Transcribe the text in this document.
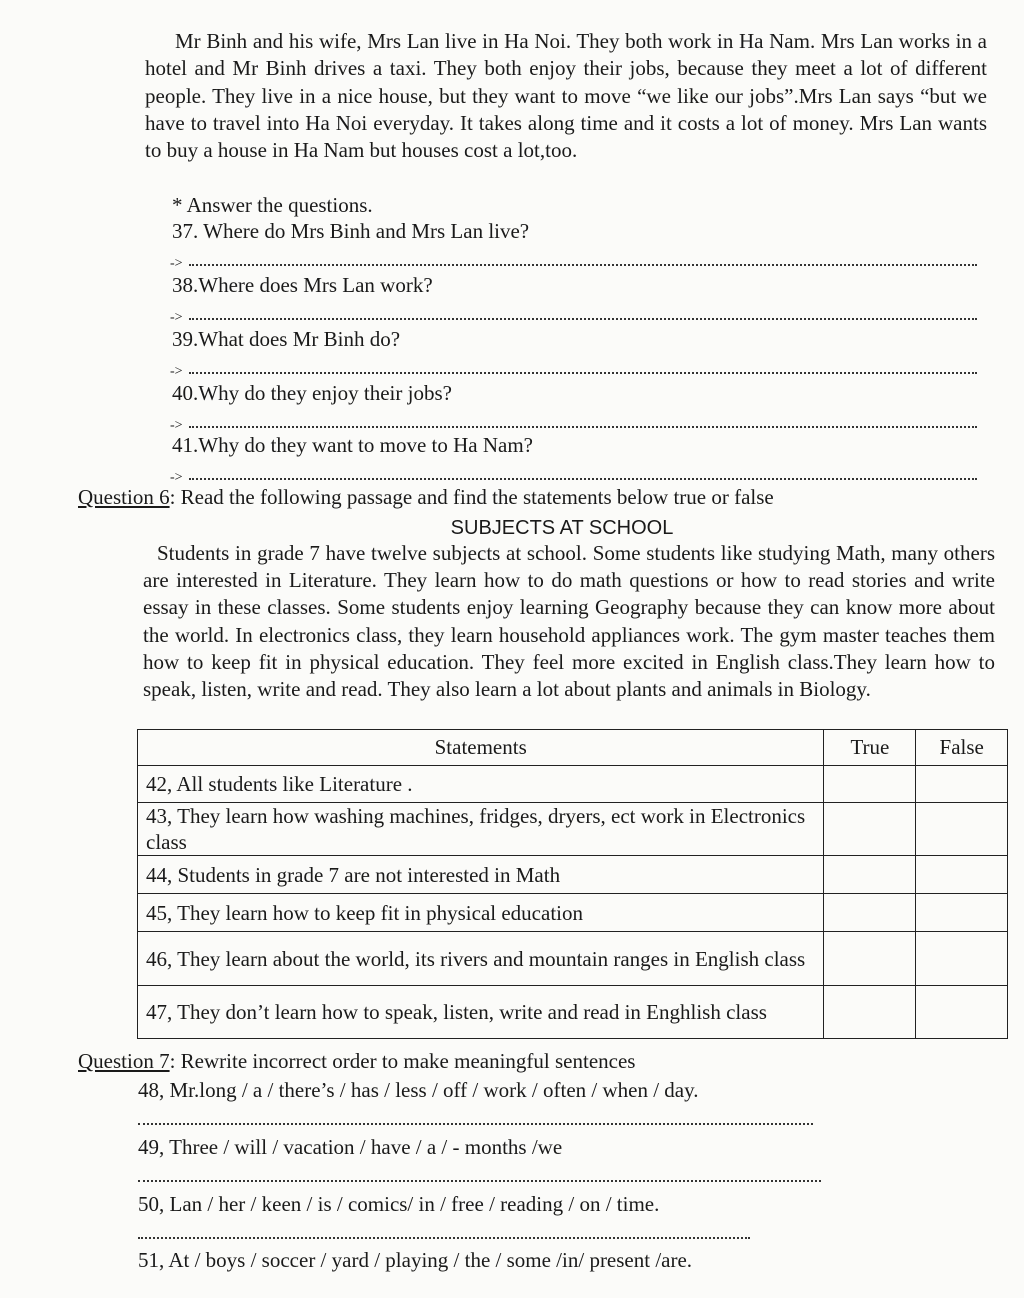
Mr Binh and his wife, Mrs Lan live in Ha Noi. They both work in Ha Nam. Mrs Lan works in a hotel and Mr Binh drives a taxi. They both enjoy their jobs, because they meet a lot of different people. They live in a nice house, but they want to move “we like our jobs”.Mrs Lan says “but we have to travel into Ha Noi everyday. It takes along time and it costs a lot of money. Mrs Lan wants to buy a house in Ha Nam but houses cost a lot,too.

* Answer the questions.
37. Where do Mrs Binh and Mrs Lan live?
->
38.Where does Mrs Lan work?
->
39.What does Mr Binh do?
->
40.Why do they enjoy their jobs?
->
41.Why do they want to move to Ha Nam?
->
Question 6: Read the following passage and find the statements below true or false
SUBJECTS AT SCHOOL

Students in grade 7 have twelve subjects at school. Some students like studying Math, many others are interested in Literature. They learn how to do math questions or how to read stories and write essay in these classes. Some students enjoy learning Geography because they can know more about the world. In electronics class, they learn household appliances work. The gym master teaches them how to keep fit in physical education. They feel more excited in English class.They learn how to speak, listen, write and read. They also learn a lot about plants and animals in Biology.

Statements	True	False
42, All students like Literature .		
43, They learn how washing machines, fridges, dryers, ect work in Electronics class		
44, Students in grade 7 are not interested in Math		
45, They learn how to keep fit in physical education		
46, They learn about the world, its rivers and mountain ranges in English class		
47, They don’t learn how to speak, listen, write and read in Enghlish class		
Question 7: Rewrite incorrect order to make meaningful sentences
48, Mr.long / a / there’s / has / less / off / work / often / when / day.
49, Three / will / vacation / have / a / - months /we
50, Lan / her / keen / is / comics/ in / free / reading / on / time.
51, At / boys / soccer / yard / playing / the / some /in/ present /are.
